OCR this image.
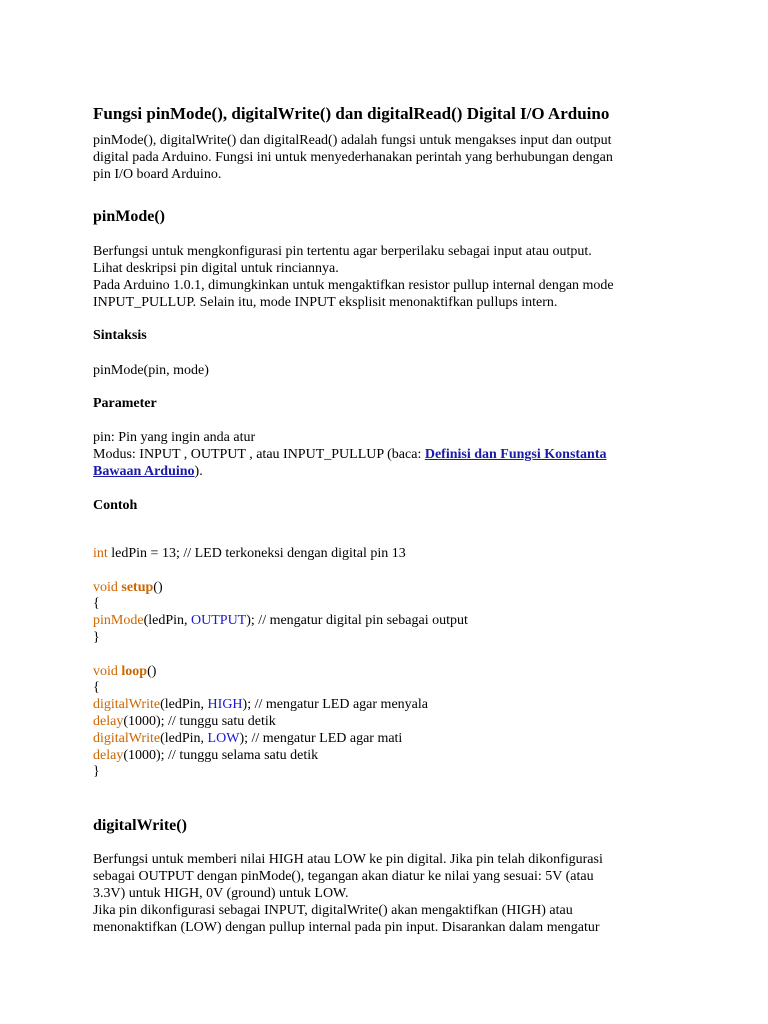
Fungsi pinMode(), digitalWrite() dan digitalRead() Digital I/O Arduino
pinMode(), digitalWrite() dan digitalRead() adalah fungsi untuk mengakses input dan output
digital pada Arduino. Fungsi ini untuk menyederhanakan perintah yang berhubungan dengan
pin I/O board Arduino.
pinMode()
Berfungsi untuk mengkonfigurasi pin tertentu agar berperilaku sebagai input atau output.
Lihat deskripsi pin digital untuk rinciannya.
Pada Arduino 1.0.1, dimungkinkan untuk mengaktifkan resistor pullup internal dengan mode
INPUT_PULLUP. Selain itu, mode INPUT eksplisit menonaktifkan pullups intern.
Sintaksis
pinMode(pin, mode)
Parameter
pin: Pin yang ingin anda atur
Modus: INPUT , OUTPUT , atau INPUT_PULLUP (baca: Definisi dan Fungsi Konstanta
Bawaan Arduino).
Contoh
int ledPin = 13; // LED terkoneksi dengan digital pin 13
void setup()
{
pinMode(ledPin, OUTPUT); // mengatur digital pin sebagai output
}
void loop()
{
digitalWrite(ledPin, HIGH); // mengatur LED agar menyala
delay(1000); // tunggu satu detik
digitalWrite(ledPin, LOW); // mengatur LED agar mati
delay(1000); // tunggu selama satu detik
}
digitalWrite()
Berfungsi untuk memberi nilai HIGH atau LOW ke pin digital. Jika pin telah dikonfigurasi
sebagai OUTPUT dengan pinMode(), tegangan akan diatur ke nilai yang sesuai: 5V (atau
3.3V) untuk HIGH, 0V (ground) untuk LOW.
Jika pin dikonfigurasi sebagai INPUT, digitalWrite() akan mengaktifkan (HIGH) atau
menonaktifkan (LOW) dengan pullup internal pada pin input. Disarankan dalam mengatur
